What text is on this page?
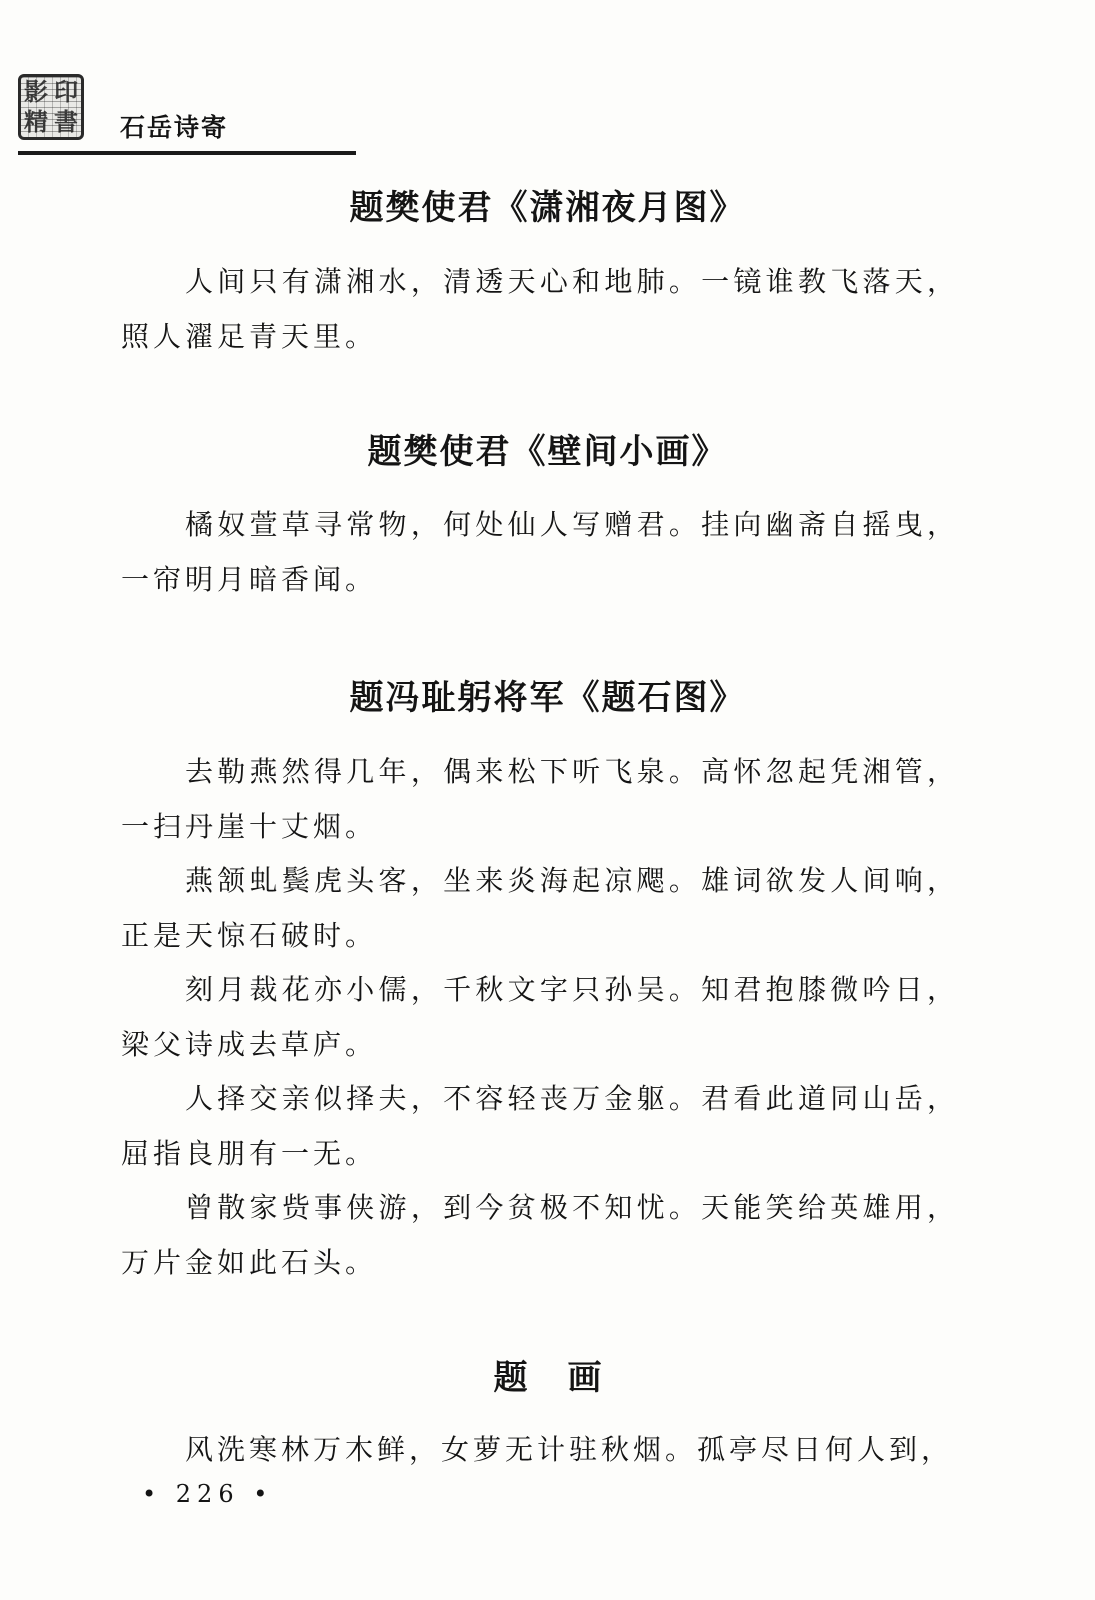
影 印精 書 石岳诗寄
题樊使君《潇湘夜月图》
人间只有潇湘水，清透天心和地肺。一镜谁教飞落天，照人濯足青天里。
题樊使君《壁间小画》
橘奴萱草寻常物，何处仙人写赠君。挂向幽斋自摇曳，一帘明月暗香闻。
题冯耻躬将军《题石图》
去勒燕然得几年，偶来松下听飞泉。高怀忽起凭湘管，一扫丹崖十丈烟。
燕颔虬鬓虎头客，坐来炎海起凉飔。雄词欲发人间响，正是天惊石破时。
刻月裁花亦小儒，千秋文字只孙吴。知君抱膝微吟日，梁父诗成去草庐。
人择交亲似择夫，不容轻丧万金躯。君看此道同山岳，屈指良朋有一无。
曾散家赀事侠游，到今贫极不知忧。天能笑给英雄用，万片金如此石头。
题画
风洗寒林万木鲜，女萝无计驻秋烟。孤亭尽日何人到，
• 226 •
